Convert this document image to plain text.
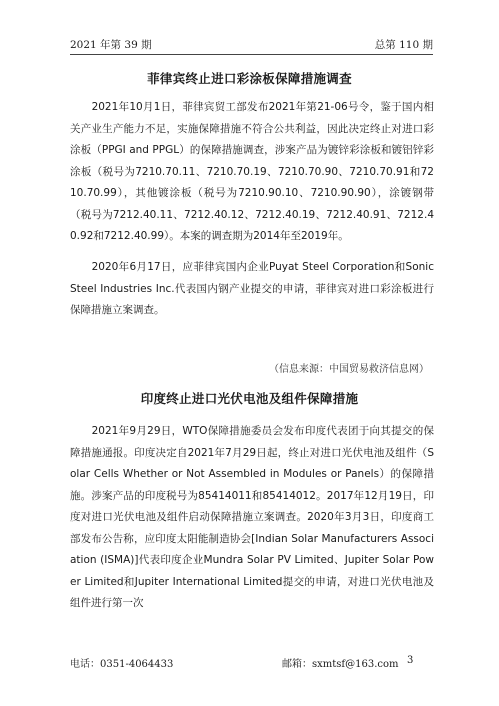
2021 年第 39 期	总第 110 期
菲律宾终止进口彩涂板保障措施调查

　　2021年10月1日，菲律宾贸工部发布2021年第21-06号令，鉴于国内相关产业生产能力不足，实施保障措施不符合公共利益，因此决定终止对进口彩涂板（PPGI and PPGL）的保障措施调查，涉案产品为镀锌彩涂板和镀铝锌彩涂板（税号为7210.70.11、7210.70.19、7210.70.90、7210.70.91和7210.70.99），其他镀涂板（税号为7210.90.10、7210.90.90），涂镀钢带（税号为7212.40.11、7212.40.12、7212.40.19、7212.40.91、7212.40.92和7212.40.99）。本案的调查期为2014年至2019年。

　　2020年6月17日，应菲律宾国内企业Puyat Steel Corporation和Sonic Steel Industries Inc.代表国内钢产业提交的申请，菲律宾对进口彩涂板进行保障措施立案调查。

（信息来源：中国贸易救济信息网）
印度终止进口光伏电池及组件保障措施

　　2021年9月29日，WTO保障措施委员会发布印度代表团于向其提交的保障措施通报。印度决定自2021年7月29日起，终止对进口光伏电池及组件（Solar Cells Whether or Not Assembled in Modules or Panels）的保障措施。涉案产品的印度税号为85414011和85414012。2017年12月19日，印度对进口光伏电池及组件启动保障措施立案调查。2020年3月3日，印度商工部发布公告称，应印度太阳能制造协会[Indian Solar Manufacturers Association (ISMA)]代表印度企业Mundra Solar PV Limited、Jupiter Solar Power Limited和Jupiter International Limited提交的申请，对进口光伏电池及组件进行第一次

电话：0351-4064433	邮箱：sxmtsf@163.com 3
